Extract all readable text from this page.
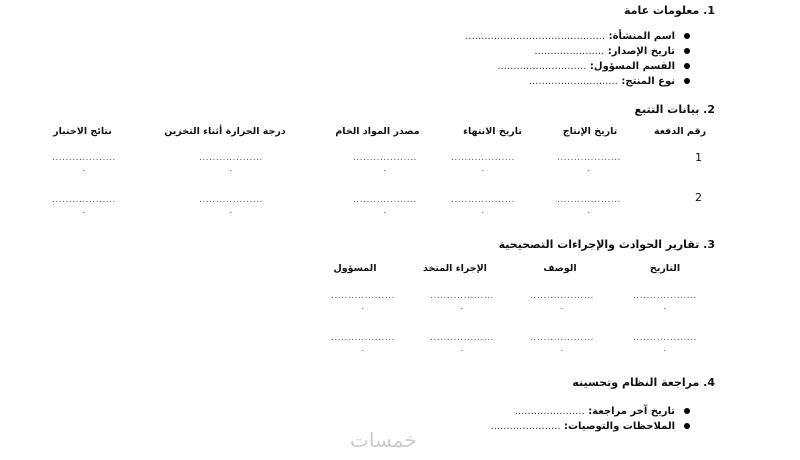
1. معلومات عامة
اسم المنشأة: ............................................
تاريخ الإصدار: ......................
القسم المسؤول: ............................
نوع المنتج: ............................
2. بيانات التتبع
رقم الدفعة
تاريخ الإنتاج
تاريخ الانتهاء
مصدر المواد الخام
درجة الحرارة أثناء التخزين
نتائج الاختبار
1
...................
.
...................
.
...................
.
...................
.
...................
.
2
...................
.
...................
.
...................
.
...................
.
...................
.
3. تقارير الحوادث والإجراءات التصحيحية
التاريخ
الوصف
الإجراء المتخذ
المسؤول
...................
.
...................
.
...................
.
...................
.
...................
.
...................
.
...................
.
...................
.
4. مراجعة النظام وتحسينه
تاريخ آخر مراجعة: ......................
الملاحظات والتوصيات: ......................
خمسات
